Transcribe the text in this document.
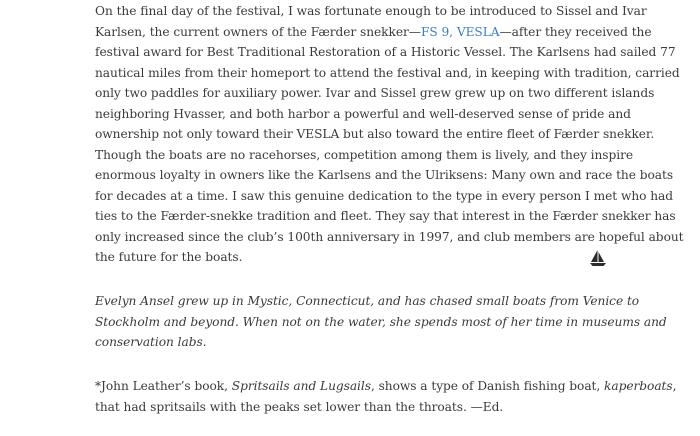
On the final day of the festival, I was fortunate enough to be introduced to Sissel and Ivar
Karlsen, the current owners of the Færder snekker—FS 9, VESLA—after they received the
festival award for Best Traditional Restoration of a Historic Vessel. The Karlsens had sailed 77
nautical miles from their homeport to attend the festival and, in keeping with tradition, carried
only two paddles for auxiliary power. Ivar and Sissel grew grew up on two different islands
neighboring Hvasser, and both harbor a powerful and well-deserved sense of pride and
ownership not only toward their VESLA but also toward the entire fleet of Færder snekker.
Though the boats are no racehorses, competition among them is lively, and they inspire
enormous loyalty in owners like the Karlsens and the Ulriksens: Many own and race the boats
for decades at a time. I saw this genuine dedication to the type in every person I met who had
ties to the Færder-snekke tradition and fleet. They say that interest in the Færder snekker has
only increased since the club’s 100th anniversary in 1997, and club members are hopeful about
the future for the boats.

Evelyn Ansel grew up in Mystic, Connecticut, and has chased small boats from Venice to
Stockholm and beyond. When not on the water, she spends most of her time in museums and
conservation labs.

*John Leather’s book, Spritsails and Lugsails, shows a type of Danish fishing boat, kaperboats,
that had spritsails with the peaks set lower than the throats. —Ed.
